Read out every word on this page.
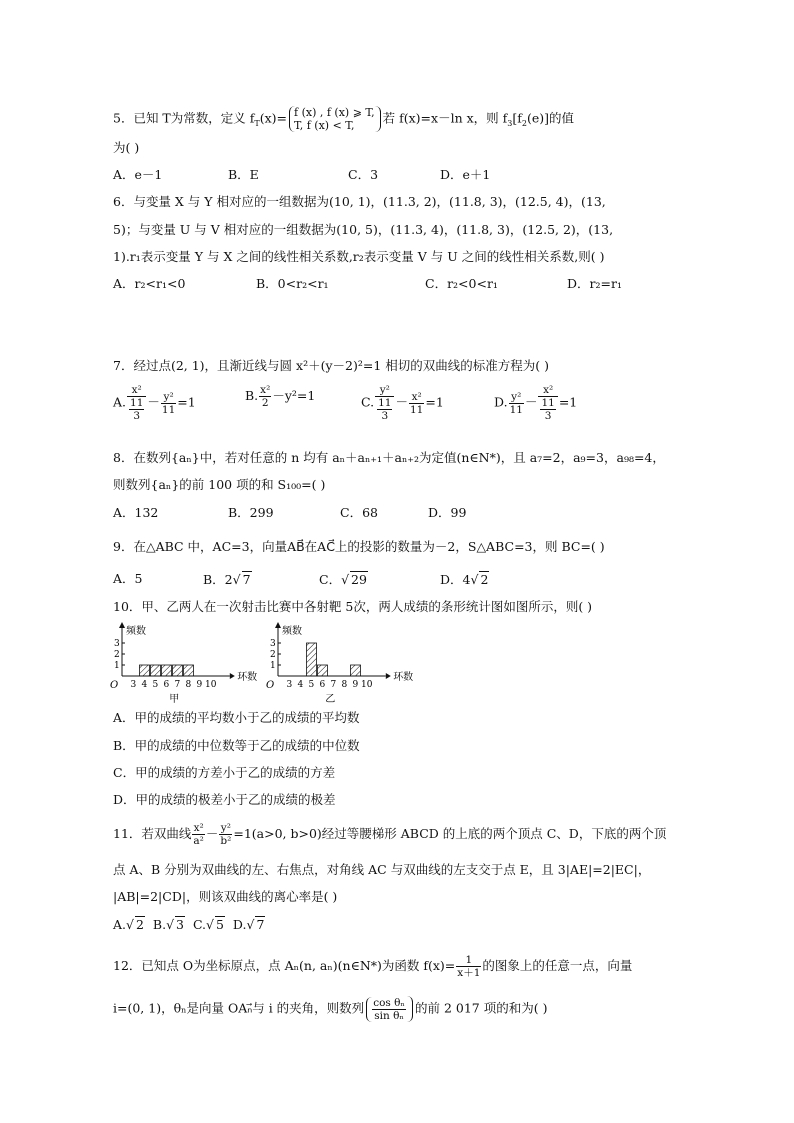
5．已知 T为常数，定义 $f_T(x)= f$ (x) , f (x) ⩾ T,
T, f (x) < T, 若 f(x)=x－ln x，则 $f_3[f_2(e)]$的值
为( )
A．e－1	B．E	C．3	D．e＋1
6．与变量 X 与 Y 相对应的一组数据为(10, 1)，(11.3, 2)，(11.8, 3)，(12.5, 4)，(13,
5)；与变量 U 与 V 相对应的一组数据为(10, 5)，(11.3, 4)，(11.8, 3)，(12.5, 2)，(13,
1).r₁表示变量 Y 与 X 之间的线性相关系数,r₂表示变量 V 与 U 之间的线性相关系数,则( )
A．r₂<r₁<0	B．0<r₂<r₁	C．r₂<0<r₁	D．r₂=r₁
7．经过点(2, 1)，且渐近线与圆 x²＋(y－2)²=1 相切的双曲线的标准方程为( )
A. $\frac{\text{x²}}{\frac{11}{3}} - \frac{\text{y²}}{11} =1$	B. $\frac{\text{x²}}{2} -y^2=1$	C. $\frac{\text{y²}}{\frac{11}{3}} - \frac{\text{x²}}{11} =1$	D. $\frac{\text{y²}}{11} - \frac{\text{x²}}{\frac{11}{3}} =1$
8．在数列{aₙ}中，若对任意的 n 均有 aₙ＋aₙ₊₁＋aₙ₊₂为定值(n∈N*)，且 a₇=2，a₉=3，a₉₈=4，
则数列{aₙ}的前 100 项的和 S₁₀₀=( )
A．132	B．299	C．68	D．99
9．在△ABC 中，AC=3，向量AB⃗在AC⃗上的投影的数量为－2，S△ABC=3，则 BC=( )
A．5	B．2√ 7	C．√ 29	D．4√ 2
10．甲、乙两人在一次射击比赛中各射靶 5次，两人成绩的条形统计图如图所示，则( )
1
2
3
3 4 5 6 7 8 9 10
频数
环数
O
甲
1
2
3
3 4 5 6 7 8 9 10
频数
环数
O
乙
A．甲的成绩的平均数小于乙的成绩的平均数
B．甲的成绩的中位数等于乙的成绩的中位数
C．甲的成绩的方差小于乙的成绩的方差
D．甲的成绩的极差小于乙的成绩的极差
11．若双曲线 $\frac{\text{x²}}{\text{a²}} - \frac{\text{y²}}{\text{b²}} =1(a>0$, b>0)经过等腰梯形 ABCD 的上底的两个顶点 C、D，下底的两个顶
点 A、B 分别为双曲线的左、右焦点，对角线 AC 与双曲线的左支交于点 E，且 3|AE|=2|EC|，
|AB|=2|CD|，则该双曲线的离心率是( )
A.√ 2 B.√ 3 C.√ 5 D.√ 7
12．已知点 O为坐标原点，点 Aₙ(n, aₙ)(n∈N*)为函数 $f(x)= \frac{1}{x+1}$ 的图象上的任意一点，向量
i=(0, 1)，θₙ是向量 OAₙ⃗与 i 的夹角，则数列 $\frac{\text{cos θₙ}}{\text{sin θₙ}}$ 的前 2 017 项的和为( )
